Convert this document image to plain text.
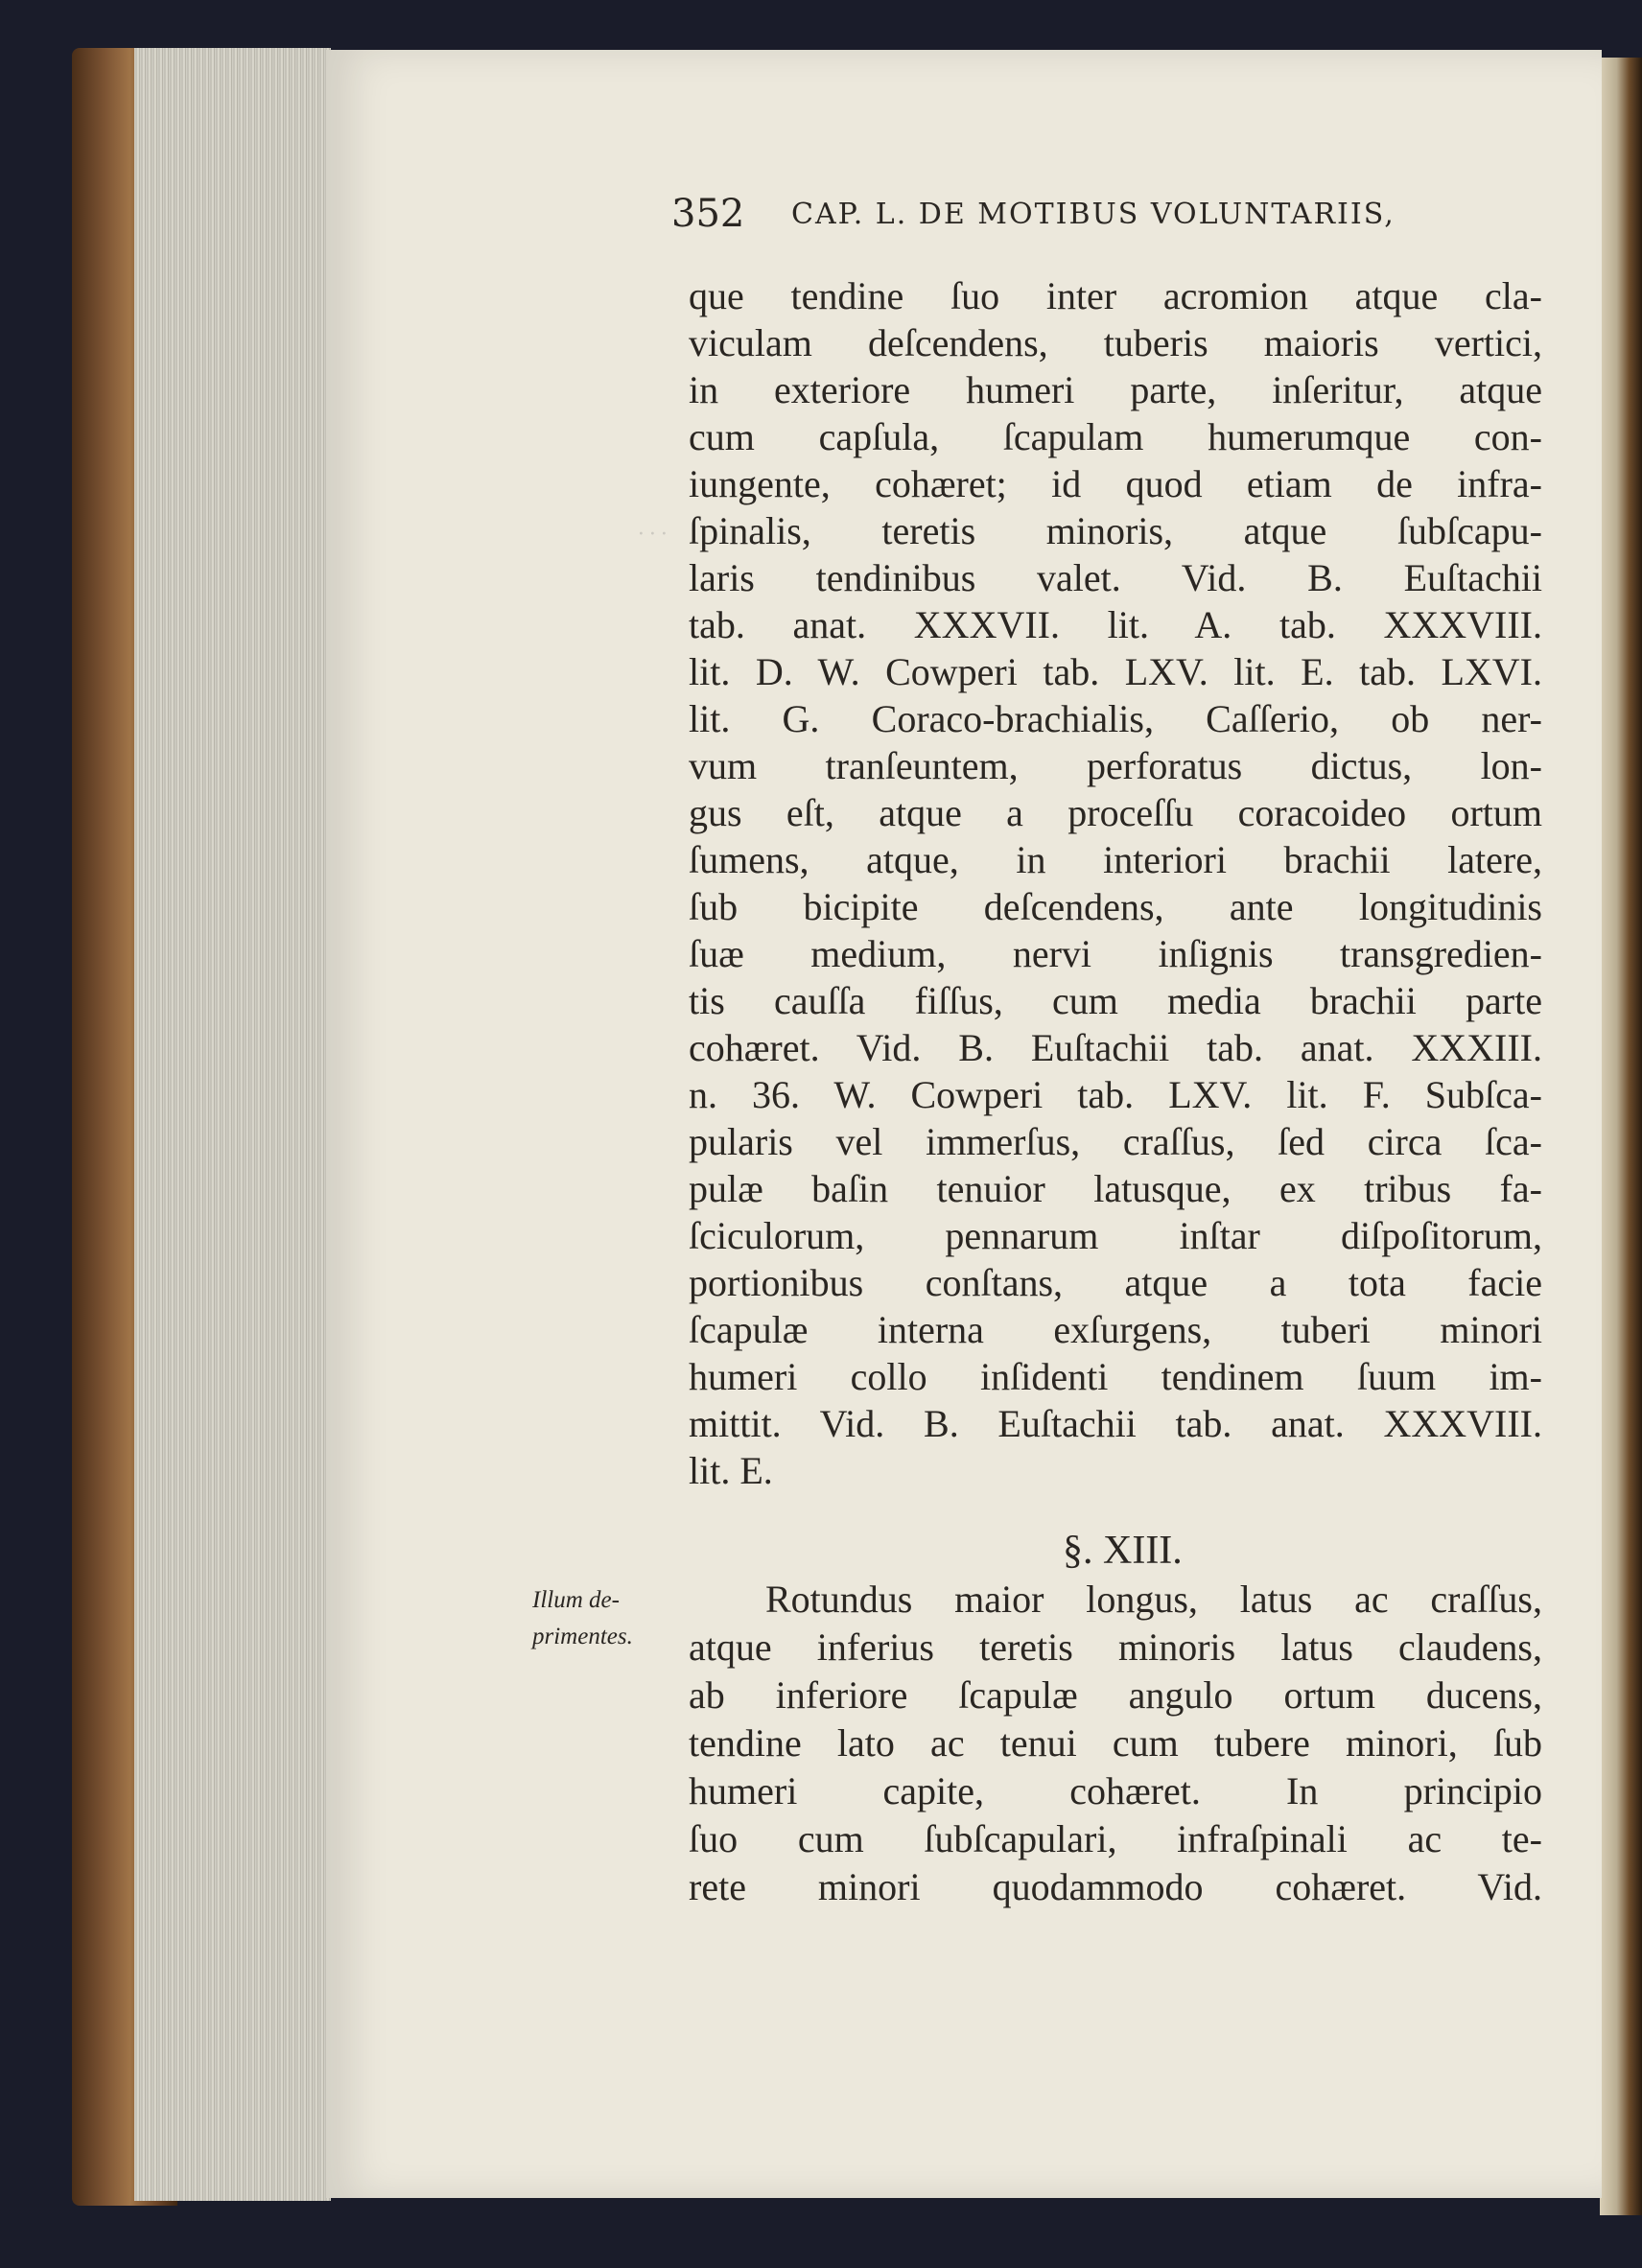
· · ·
352 CAP. L. DE MOTIBUS VOLUNTARIIS,
que tendine ſuo inter acromion atque cla-
viculam deſcendens, tuberis maioris vertici,
in exteriore humeri parte, inſeritur, atque
cum capſula, ſcapulam humerumque con-
iungente, cohæret; id quod etiam de infra-
ſpinalis, teretis minoris, atque ſubſcapu-
laris tendinibus valet. Vid. B. Euſtachii
tab. anat. XXXVII. lit. A. tab. XXXVIII.
lit. D. W. Cowperi tab. LXV. lit. E. tab. LXVI.
lit. G. Coraco-brachialis, Caſſerio, ob ner-
vum tranſeuntem, perforatus dictus, lon-
gus eſt, atque a proceſſu coracoideo ortum
ſumens, atque, in interiori brachii latere,
ſub bicipite deſcendens, ante longitudinis
ſuæ medium, nervi inſignis transgredien-
tis cauſſa fiſſus, cum media brachii parte
cohæret. Vid. B. Euſtachii tab. anat. XXXIII.
n. 36. W. Cowperi tab. LXV. lit. F. Subſca-
pularis vel immerſus, craſſus, ſed circa ſca-
pulæ baſin tenuior latusque, ex tribus fa-
ſciculorum, pennarum inſtar diſpoſitorum,
portionibus conſtans, atque a tota facie
ſcapulæ interna exſurgens, tuberi minori
humeri collo inſidenti tendinem ſuum im-
mittit. Vid. B. Euſtachii tab. anat. XXXVIII.
lit. E.
§. XIII.
Illum de-
primentes.
Rotundus maior longus, latus ac craſſus,
atque inferius teretis minoris latus claudens,
ab inferiore ſcapulæ angulo ortum ducens,
tendine lato ac tenui cum tubere minori, ſub
humeri capite, cohæret. In principio
ſuo cum ſubſcapulari, infraſpinali ac te-
rete minori quodammodo cohæret. Vid.
